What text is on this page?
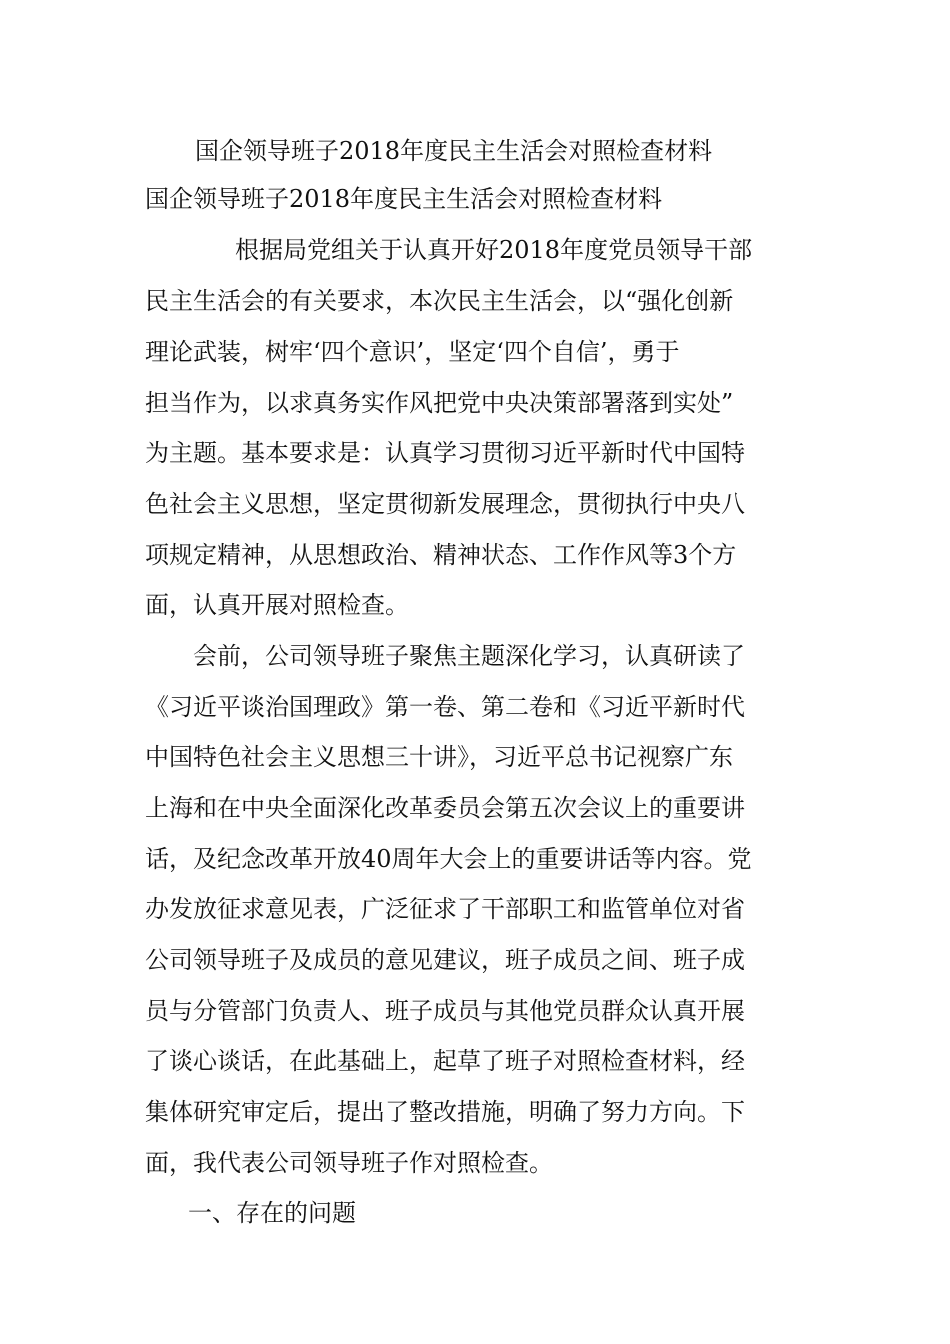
国企领导班子2018年度民主生活会对照检查材料
国企领导班子2018年度民主生活会对照检查材料
根据局党组关于认真开好2018年度党员领导干部
民主生活会的有关要求，本次民主生活会，以“强化创新
理论武装，树牢‘四个意识’，坚定‘四个自信’，勇于
担当作为，以求真务实作风把党中央决策部署落到实处”
为主题。基本要求是：认真学习贯彻习近平新时代中国特
色社会主义思想，坚定贯彻新发展理念，贯彻执行中央八
项规定精神，从思想政治、精神状态、工作作风等3个方
面，认真开展对照检查。
会前，公司领导班子聚焦主题深化学习，认真研读了
《习近平谈治国理政》第一卷、第二卷和《习近平新时代
中国特色社会主义思想三十讲》，习近平总书记视察广东
上海和在中央全面深化改革委员会第五次会议上的重要讲
话，及纪念改革开放40周年大会上的重要讲话等内容。党
办发放征求意见表，广泛征求了干部职工和监管单位对省
公司领导班子及成员的意见建议，班子成员之间、班子成
员与分管部门负责人、班子成员与其他党员群众认真开展
了谈心谈话，在此基础上，起草了班子对照检查材料，经
集体研究审定后，提出了整改措施，明确了努力方向。下
面，我代表公司领导班子作对照检查。
一、存在的问题
